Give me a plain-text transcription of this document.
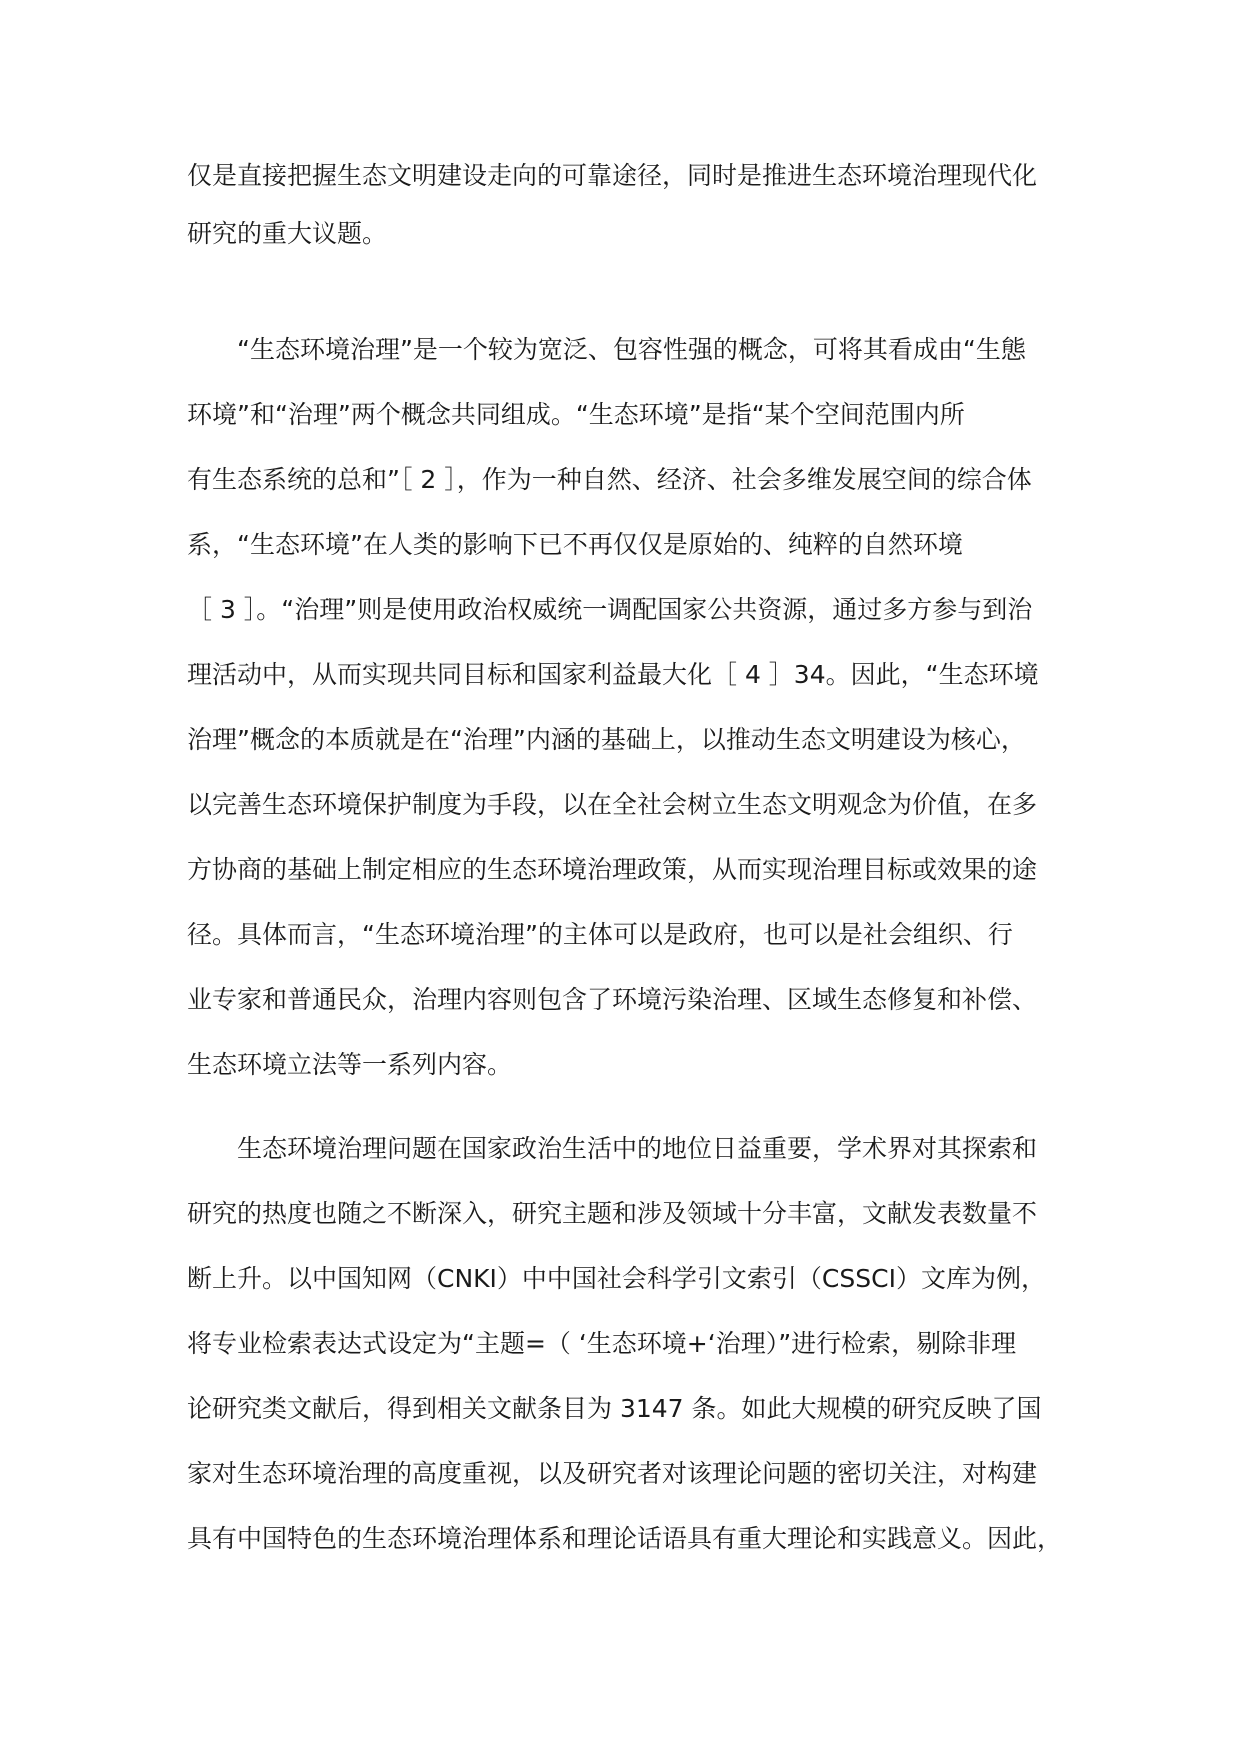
仅是直接把握生态文明建设走向的可靠途径，同时是推进生态环境治理现代化
研究的重大议题。
　　“生态环境治理”是一个较为宽泛、包容性强的概念，可将其看成由“生態
环境”和“治理”两个概念共同组成。“生态环境”是指“某个空间范围内所
有生态系统的总和”［ 2 ］，作为一种自然、经济、社会多维发展空间的综合体
系，“生态环境”在人类的影响下已不再仅仅是原始的、纯粹的自然环境
［ 3 ］。“治理”则是使用政治权威统一调配国家公共资源，通过多方参与到治
理活动中，从而实现共同目标和国家利益最大化［ 4 ］34。因此，“生态环境
治理”概念的本质就是在“治理”内涵的基础上，以推动生态文明建设为核心，
以完善生态环境保护制度为手段，以在全社会树立生态文明观念为价值，在多
方协商的基础上制定相应的生态环境治理政策，从而实现治理目标或效果的途
径。具体而言，“生态环境治理”的主体可以是政府，也可以是社会组织、行
业专家和普通民众，治理内容则包含了环境污染治理、区域生态修复和补偿、
生态环境立法等一系列内容。
　　生态环境治理问题在国家政治生活中的地位日益重要，学术界对其探索和
研究的热度也随之不断深入，研究主题和涉及领域十分丰富，文献发表数量不
断上升。以中国知网（CNKI）中中国社会科学引文索引（CSSCI）文库为例，
将专业检索表达式设定为“主题=（ ‘生态环境+‘治理）”进行检索，剔除非理
论研究类文献后，得到相关文献条目为 3147 条。如此大规模的研究反映了国
家对生态环境治理的高度重视，以及研究者对该理论问题的密切关注，对构建
具有中国特色的生态环境治理体系和理论话语具有重大理论和实践意义。因此，
